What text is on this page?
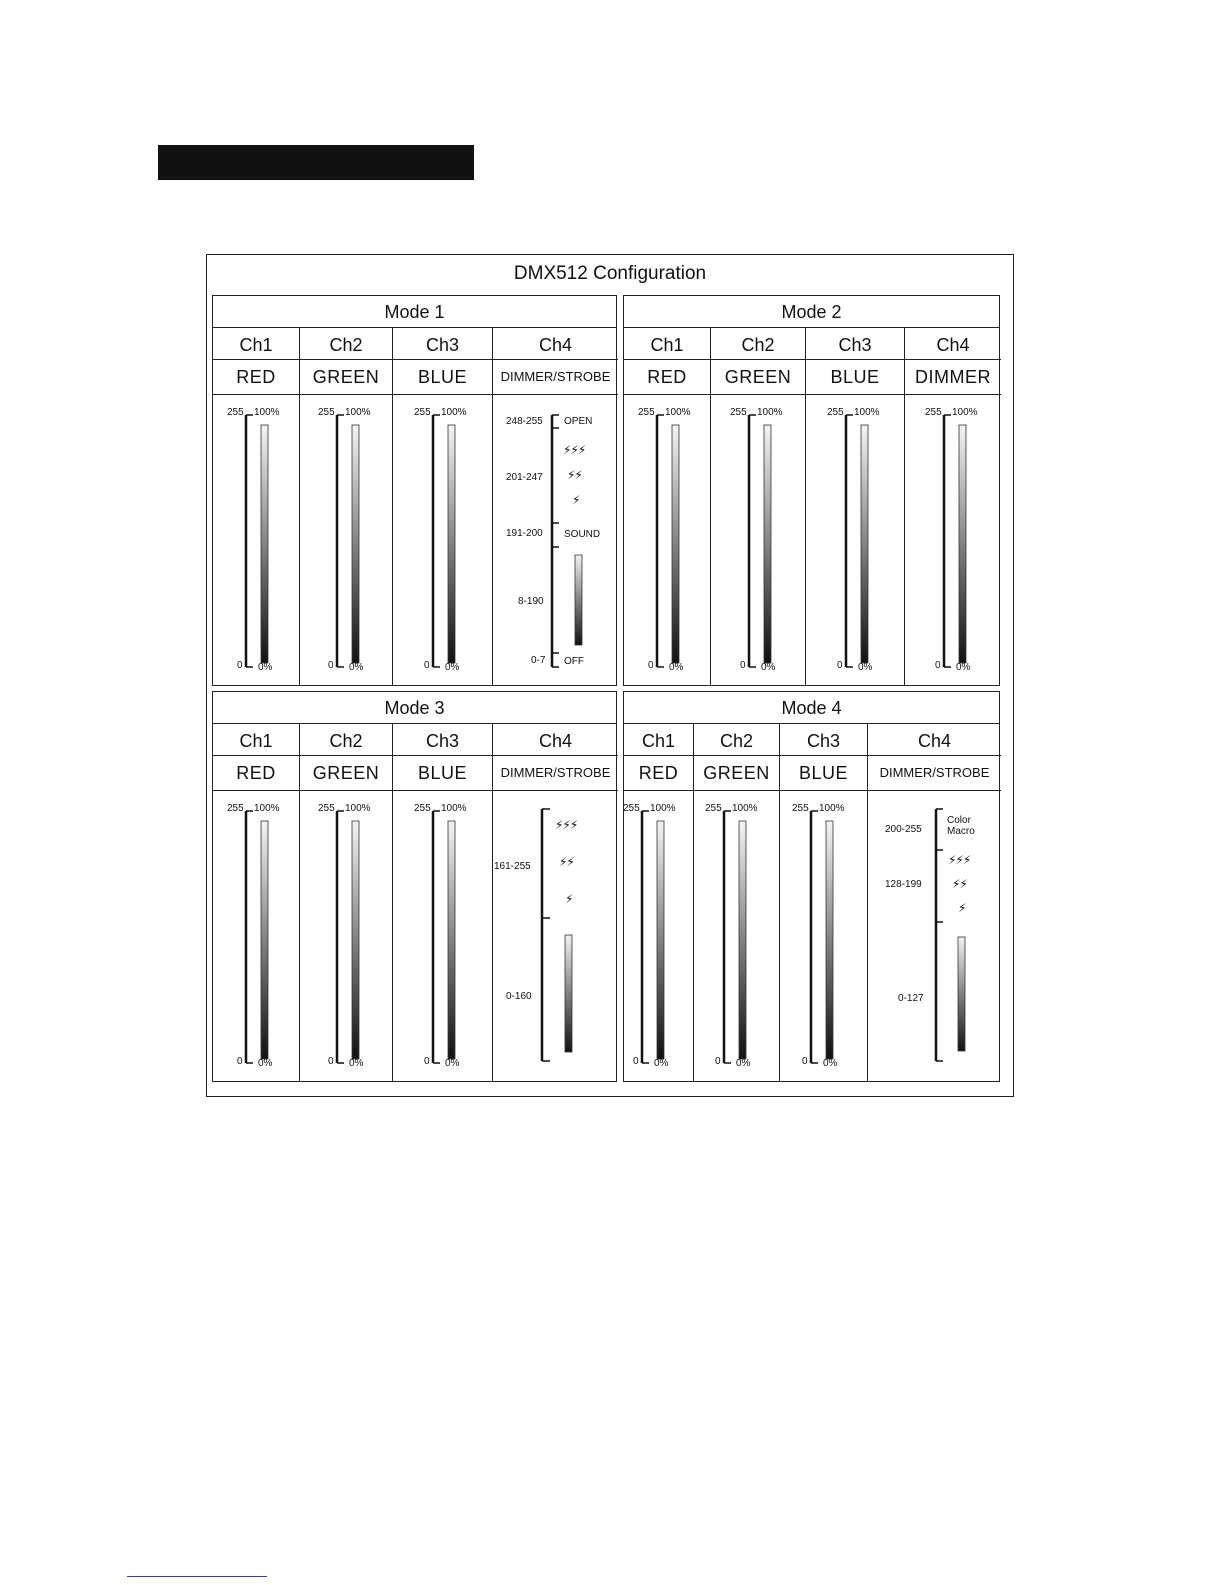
DMX512 Configuration
Mode 1
Ch1
RED
255 100%
0 0%
Ch2
GREEN
255 100%
0 0%
Ch3
BLUE
255 100%
0 0%
Ch4
DIMMER/STROBE
248-255 OPEN
⚡⚡⚡
201-247 ⚡⚡
⚡
191-200 SOUND
8-190
0-7 OFF
Mode 2
Ch1
RED
255 100%
0 0%
Ch2
GREEN
255 100%
0 0%
Ch3
BLUE
255 100%
0 0%
Ch4
DIMMER
255 100%
0 0%
Mode 3
Ch1
RED
255 100%
0 0%
Ch2
GREEN
255 100%
0 0%
Ch3
BLUE
255 100%
0 0%
Ch4
DIMMER/STROBE
⚡⚡⚡
⚡⚡
161-255
⚡
0-160
Mode 4
Ch1
RED
255 100%
0 0%
Ch2
GREEN
255 100%
0 0%
Ch3
BLUE
255 100%
0 0%
Ch4
DIMMER/STROBE
Color Macro
200-255
⚡⚡⚡
128-199	⚡⚡
⚡
0-127
